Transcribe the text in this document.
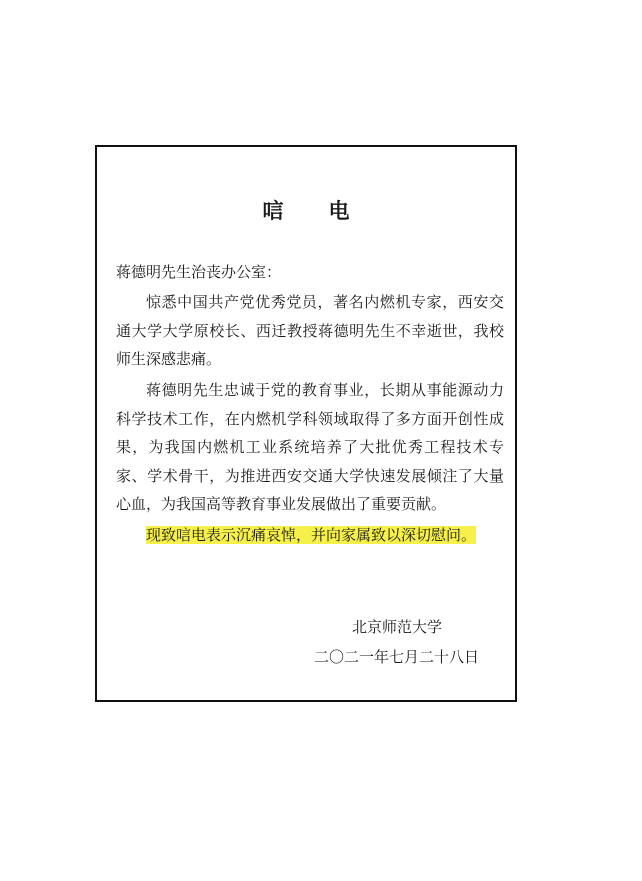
唁 电
蒋德明先生治丧办公室：
惊悉中国共产党优秀党员，著名内燃机专家，西安交通大学大学原校长、西迁教授蒋德明先生不幸逝世，我校师生深感悲痛。
蒋德明先生忠诚于党的教育事业，长期从事能源动力科学技术工作，在内燃机学科领域取得了多方面开创性成果，为我国内燃机工业系统培养了大批优秀工程技术专家、学术骨干，为推进西安交通大学快速发展倾注了大量心血，为我国高等教育事业发展做出了重要贡献。
现致唁电表示沉痛哀悼，并向家属致以深切慰问。
北京师范大学
二〇二一年七月二十八日
